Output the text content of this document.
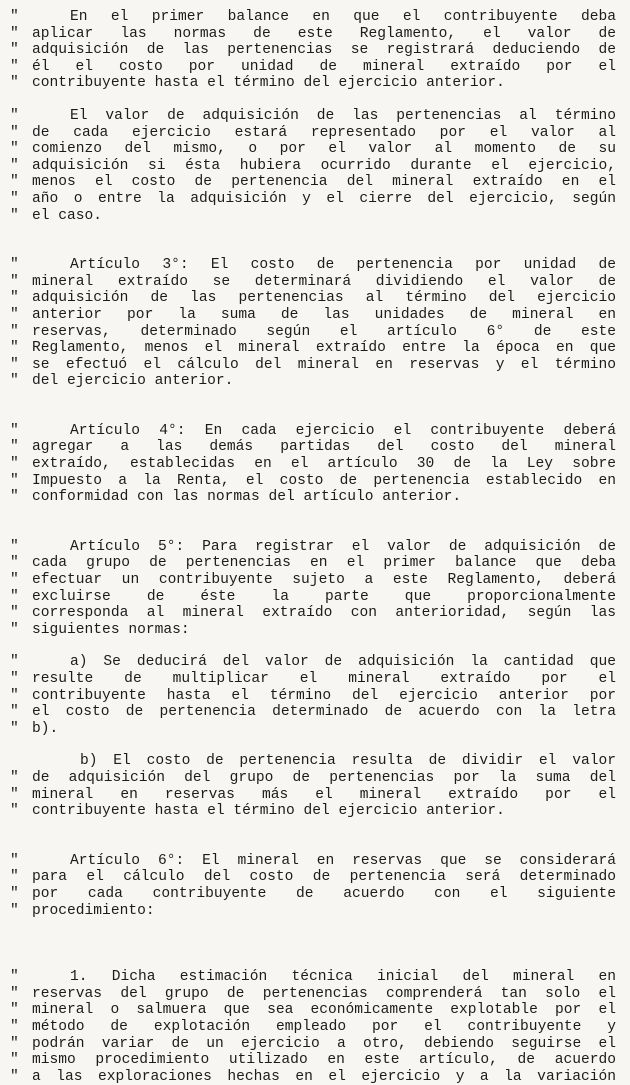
"	En el primer balance en que el contribuyente deba
" aplicar las normas de este Reglamento, el valor de
" adquisición de las pertenencias se registrará deduciendo de
" él el costo por unidad de mineral extraído por el
" contribuyente hasta el término del ejercicio anterior.
"	El valor de adquisición de las pertenencias al término
" de cada ejercicio estará representado por el valor al
" comienzo del mismo, o por el valor al momento de su
" adquisición si ésta hubiera ocurrido durante el ejercicio,
" menos el costo de pertenencia del mineral extraído en el
" año o entre la adquisición y el cierre del ejercicio, según
" el caso.
"	Artículo 3°: El costo de pertenencia por unidad de
" mineral extraído se determinará dividiendo el valor de
" adquisición de las pertenencias al término del ejercicio
" anterior por la suma de las unidades de mineral en
" reservas, determinado según el artículo 6° de este
" Reglamento, menos el mineral extraído entre la época en que
" se efectuó el cálculo del mineral en reservas y el término
" del ejercicio anterior.
"	Artículo 4°: En cada ejercicio el contribuyente deberá
" agregar a las demás partidas del costo del mineral
" extraído, establecidas en el artículo 30 de la Ley sobre
" Impuesto a la Renta, el costo de pertenencia establecido en
" conformidad con las normas del artículo anterior.
"	Artículo 5°: Para registrar el valor de adquisición de
" cada grupo de pertenencias en el primer balance que deba
" efectuar un contribuyente sujeto a este Reglamento, deberá
" excluirse de éste la parte que proporcionalmente
" corresponda al mineral extraído con anterioridad, según las
" siguientes normas:
"	a) Se deducirá del valor de adquisición la cantidad que
" resulte de multiplicar el mineral extraído por el
" contribuyente hasta el término del ejercicio anterior por
" el costo de pertenencia determinado de acuerdo con la letra
" b).
b) El costo de pertenencia resulta de dividir el valor
" de adquisición del grupo de pertenencias por la suma del
" mineral en reservas más el mineral extraído por el
" contribuyente hasta el término del ejercicio anterior.
"	Artículo 6°: El mineral en reservas que se considerará
" para el cálculo del costo de pertenencia será determinado
" por cada contribuyente de acuerdo con el siguiente
" procedimiento:
"	1. Dicha estimación técnica inicial del mineral en
" reservas del grupo de pertenencias comprenderá tan solo el
" mineral o salmuera que sea económicamente explotable por el
" método de explotación empleado por el contribuyente y
" podrán variar de un ejercicio a otro, debiendo seguirse el
" mismo procedimiento utilizado en este artículo, de acuerdo
" a las exploraciones hechas en el ejercicio y a la variación
